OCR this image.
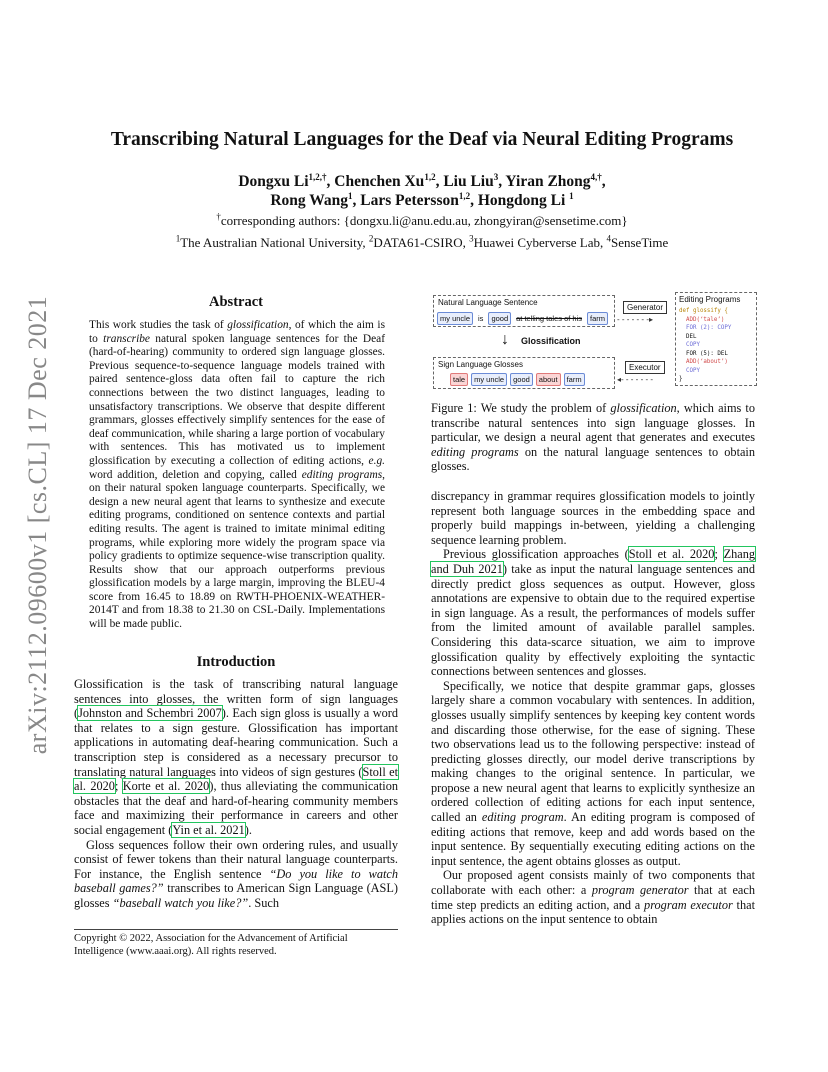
arXiv:2112.09600v1 [cs.CL] 17 Dec 2021
Transcribing Natural Languages for the Deaf via Neural Editing Programs
Dongxu $Li^{1,2,\dagger}$, Chenchen Xu$^{1,2}$, Liu Liu$^3$, Yiran Zhong$^{4,\dagger}$,
Rong Wang$^1$, Lars Petersson$^{1,2}$, Hongdong Li $^1$
†corresponding authors: {dongxu.li@anu.edu.au, zhongyiran@sensetime.com}
$^1$The Australian National University, $^2$DATA61-CSIRO, $^3$Huawei Cyberverse Lab, $^4$SenseTime
Abstract
This work studies the task of glossification, of which the aim is to transcribe natural spoken language sentences for the Deaf (hard-of-hearing) community to ordered sign language glosses. Previous sequence-to-sequence language models trained with paired sentence-gloss data often fail to capture the rich connections between the two distinct languages, leading to unsatisfactory transcriptions. We observe that despite different grammars, glosses effectively simplify sentences for the ease of deaf communication, while sharing a large portion of vocabulary with sentences. This has motivated us to implement glossification by executing a collection of editing actions, e.g. word addition, deletion and copying, called editing programs, on their natural spoken language counterparts. Specifically, we design a new neural agent that learns to synthesize and execute editing programs, conditioned on sentence contexts and partial editing results. The agent is trained to imitate minimal editing programs, while exploring more widely the program space via policy gradients to optimize sequence-wise transcription quality. Results show that our approach outperforms previous glossification models by a large margin, improving the BLEU-4 score from 16.45 to 18.89 on RWTH-PHOENIX-WEATHER-2014T and from 18.38 to 21.30 on CSL-Daily. Implementations will be made public.
Introduction

Glossification is the task of transcribing natural language sentences into glosses, the written form of sign languages (Johnston and Schembri 2007). Each sign gloss is usually a word that relates to a sign gesture. Glossification has important applications in automating deaf-hearing communication. Such a transcription step is considered as a necessary precursor to translating natural languages into videos of sign gestures (Stoll et al. 2020; Korte et al. 2020), thus alleviating the communication obstacles that the deaf and hard-of-hearing community members face and maximizing their performance in careers and other social engagement (Yin et al. 2021).

Gloss sequences follow their own ordering rules, and usually consist of fewer tokens than their natural language counterparts. For instance, the English sentence “Do you like to watch baseball games?” transcribes to American Sign Language (ASL) glosses “baseball watch you like?”. Such

Copyright © 2022, Association for the Advancement of Artificial Intelligence (www.aaai.org). All rights reserved.
Natural Language Sentence
my uncle is good at telling tales of his farm
↓ Glossification
Sign Language Glosses
tale my uncle good about farm
Generator
- - - - - - -▸
Executor
◂- - - - - - -
Editing Programs
def glossify {
ADD(‘tale’)
FOR (2): COPY
DEL
COPY
FOR (5): DEL
ADD(‘about’)
COPY
}
Figure 1: We study the problem of glossification, which aims to transcribe natural sentences into sign language glosses. In particular, we design a neural agent that generates and executes editing programs on the natural language sentences to obtain glosses.

discrepancy in grammar requires glossification models to jointly represent both language sources in the embedding space and properly build mappings in-between, yielding a challenging sequence learning problem.

Previous glossification approaches (Stoll et al. 2020; Zhang and Duh 2021) take as input the natural language sentences and directly predict gloss sequences as output. However, gloss annotations are expensive to obtain due to the required expertise in sign language. As a result, the performances of models suffer from the limited amount of available parallel samples. Considering this data-scarce situation, we aim to improve glossification quality by effectively exploiting the syntactic connections between sentences and glosses.

Specifically, we notice that despite grammar gaps, glosses largely share a common vocabulary with sentences. In addition, glosses usually simplify sentences by keeping key content words and discarding those otherwise, for the ease of signing. These two observations lead us to the following perspective: instead of predicting glosses directly, our model derive transcriptions by making changes to the original sentence. In particular, we propose a new neural agent that learns to explicitly synthesize an ordered collection of editing actions for each input sentence, called an editing program. An editing program is composed of editing actions that remove, keep and add words based on the input sentence. By sequentially executing editing actions on the input sentence, the agent obtains glosses as output.

Our proposed agent consists mainly of two components that collaborate with each other: a program generator that at each time step predicts an editing action, and a program executor that applies actions on the input sentence to obtain
